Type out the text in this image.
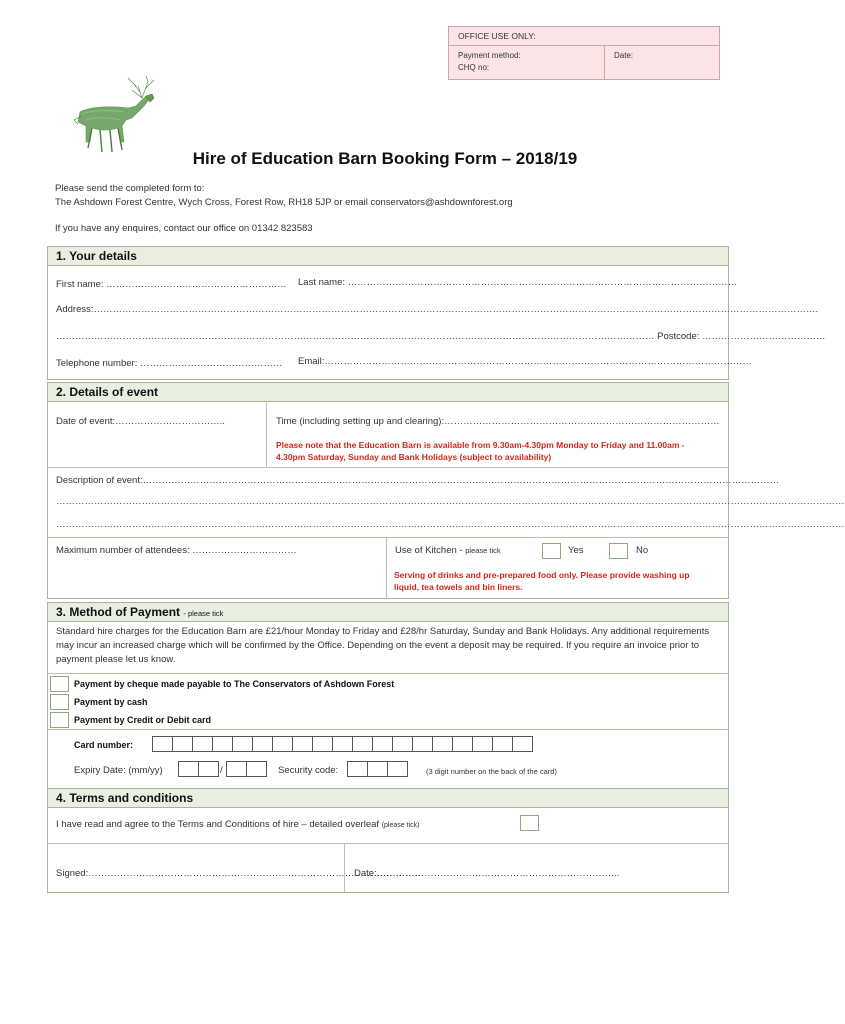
OFFICE USE ONLY:
Payment method:
CHQ no:
Date:
Hire of Education Barn Booking Form – 2018/19
Please send the completed form to:
The Ashdown Forest Centre, Wych Cross, Forest Row, RH18 5JP or email conservators@ashdownforest.org
If you have any enquires, contact our office on 01342 823583
1. Your details
First name: ………………………………………………… Last name: ……………………………………………………………………………………………………………
Address:………………………………………………………………………………………………………………………………………………………………………………………………………….
……………………………………………………………………………………………………………………………………………………………………… Postcode: …………………………………
Telephone number: ……………………………………… Email:………………………………………………………………………………………………………………………
2. Details of event
Date of event:……………………………..	Time (including setting up and clearing):……………………………………………………………………………
Please note that the Education Barn is available from 9.30am-4.30pm Monday to Friday and 11.00am - 4.30pm Saturday, Sunday and Bank Holidays (subject to availability)
Description of event:…………………………………………………………………………………………………………………………………………………………………………………
……………………………………………………………………………………………………………………………………………………………………………………………………………………………
……………………………………………………………………………………………………………………………………………………………………………………………………………………………
Maximum number of attendees: ……………………………	Use of Kitchen - please tick	Yes	No
Serving of drinks and pre-prepared food only. Please provide washing up liquid, tea towels and bin liners.
3. Method of Payment - please tick
Standard hire charges for the Education Barn are £21/hour Monday to Friday and £28/hr Saturday, Sunday and Bank Holidays. Any additional requirements may incur an increased charge which will be confirmed by the Office. Depending on the event a deposit may be required. If you require an invoice prior to payment please let us know.
Payment by cheque made payable to The Conservators of Ashdown Forest
Payment by cash
Payment by Credit or Debit card
Card number:
Expiry Date: (mm/yy)	/	Security code:	(3 digit number on the back of the card)
4. Terms and conditions
I have read and agree to the Terms and Conditions of hire – detailed overleaf (please tick)
Signed:……………………………………………………………………………………………
Date:…………………………………………………………………..
